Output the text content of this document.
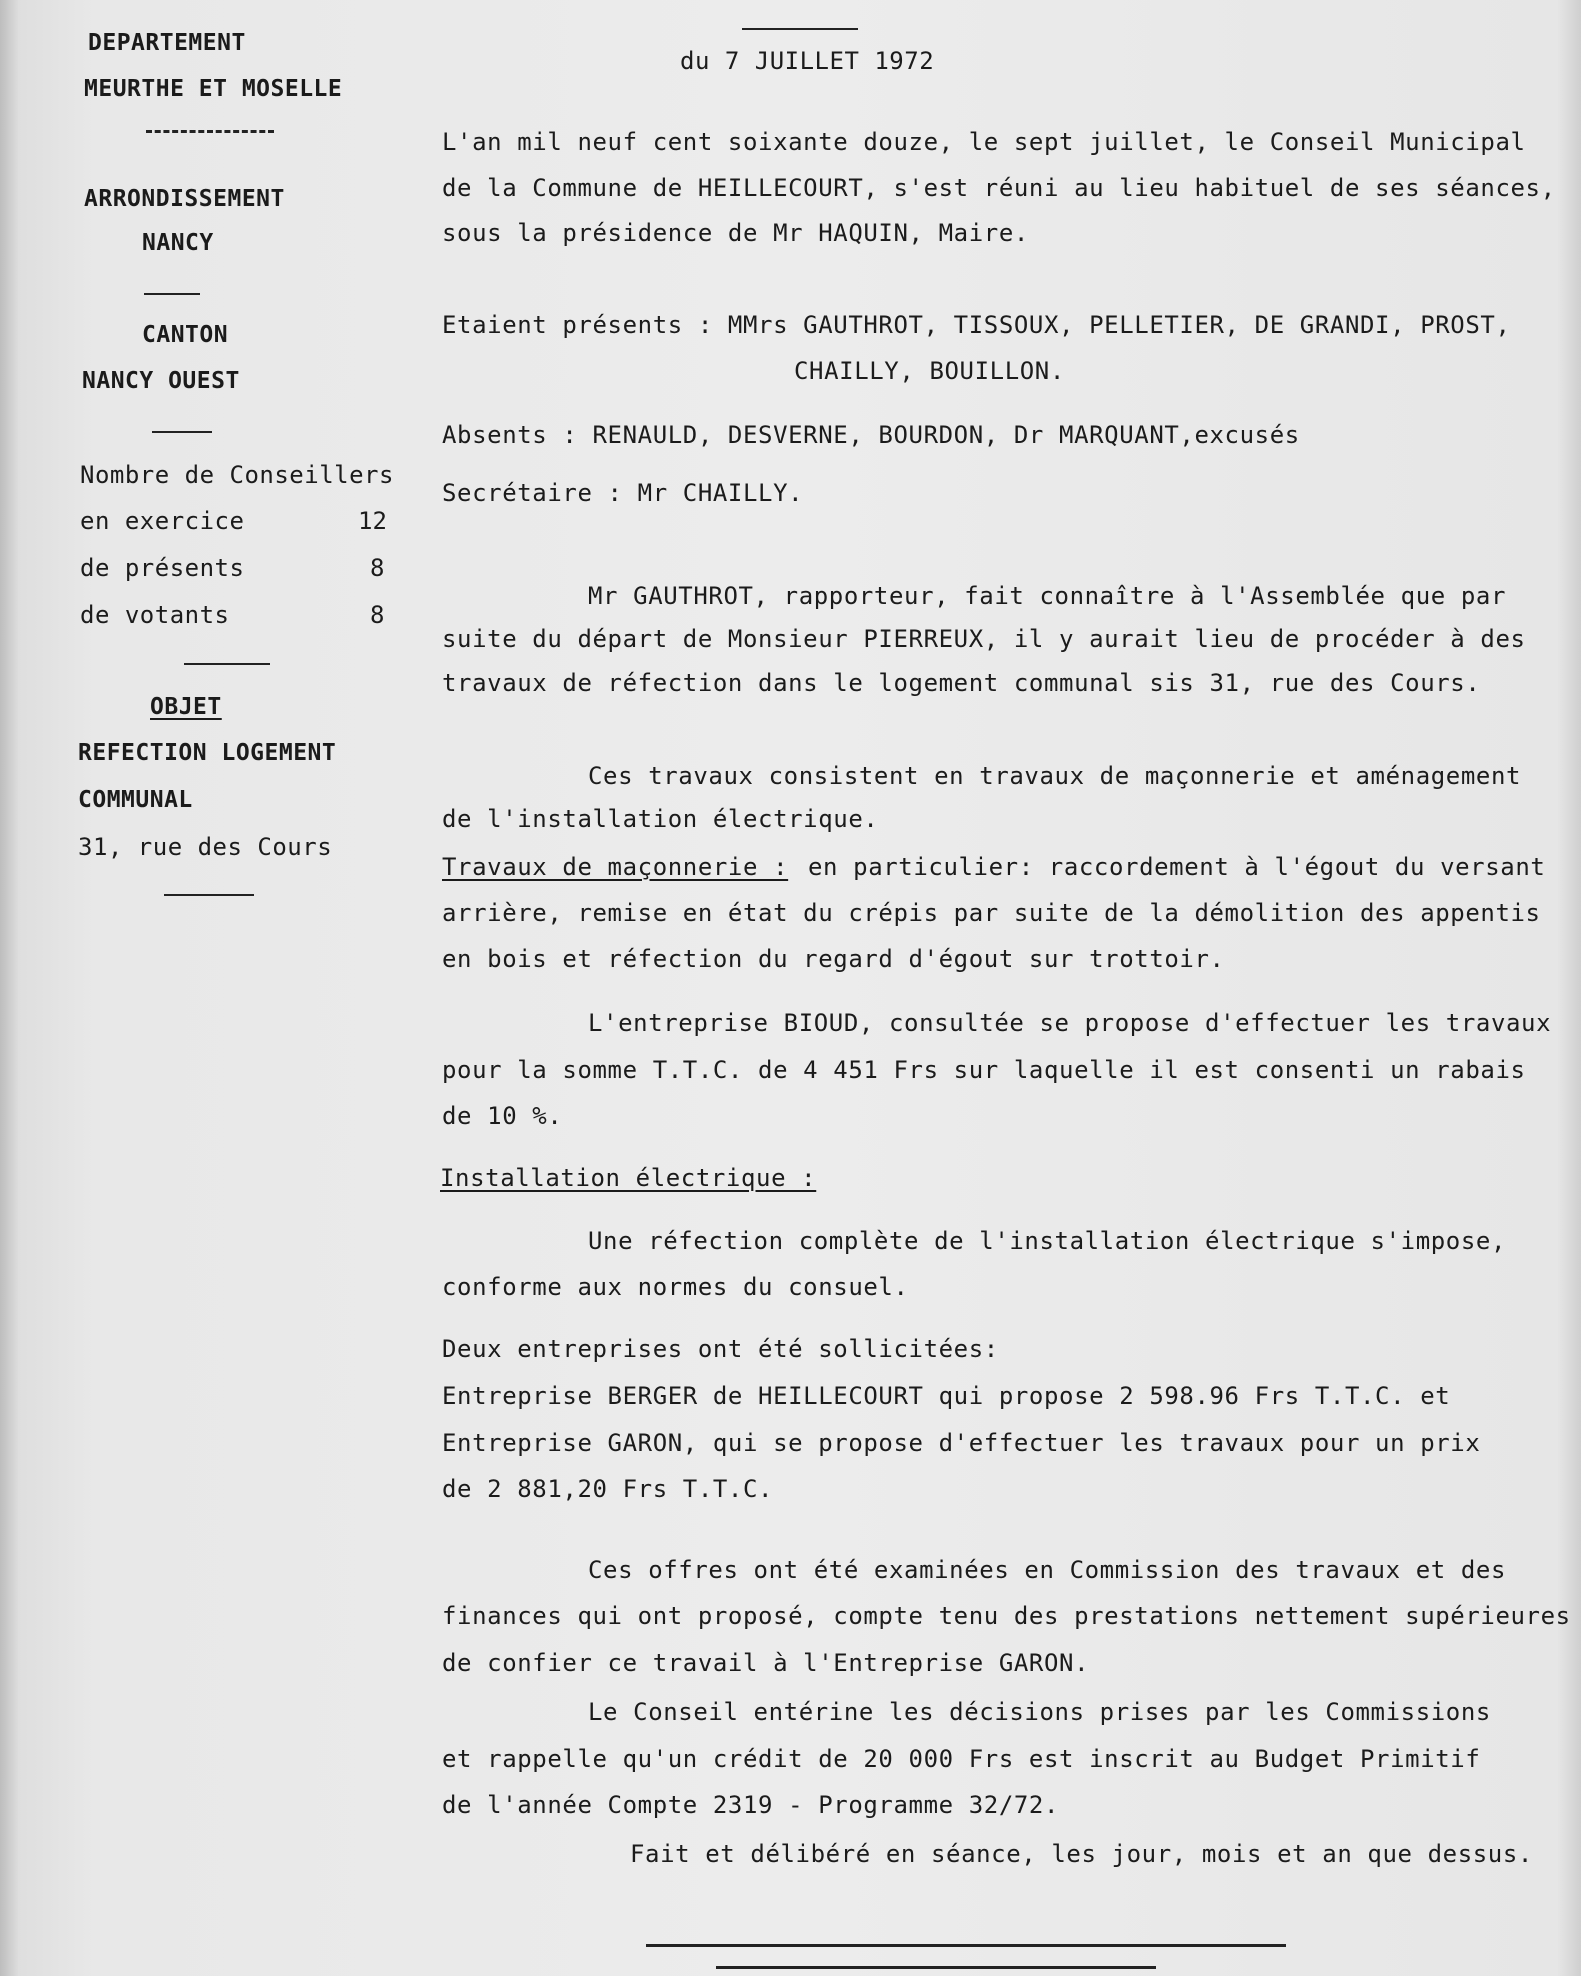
DEPARTEMENT
MEURTHE ET MOSELLE
ARRONDISSEMENT
NANCY
CANTON
NANCY OUEST
Nombre de Conseillers
en exercice	12
de présents	8
de votants	8
OBJET
REFECTION LOGEMENT
COMMUNAL
31, rue des Cours
du 7 JUILLET 1972
L'an mil neuf cent soixante douze, le sept juillet, le Conseil Municipal
de la Commune de HEILLECOURT, s'est réuni au lieu habituel de ses séances,
sous la présidence de Mr HAQUIN, Maire.
Etaient présents : MMrs GAUTHROT, TISSOUX, PELLETIER, DE GRANDI, PROST,
CHAILLY, BOUILLON.
Absents : RENAULD, DESVERNE, BOURDON, Dr MARQUANT,excusés
Secrétaire : Mr CHAILLY.
Mr GAUTHROT, rapporteur, fait connaître à l'Assemblée que par
suite du départ de Monsieur PIERREUX, il y aurait lieu de procéder à des
travaux de réfection dans le logement communal sis 31, rue des Cours.
Ces travaux consistent en travaux de maçonnerie et aménagement
de l'installation électrique.
Travaux de maçonnerie : en particulier: raccordement à l'égout du versant
arrière, remise en état du crépis par suite de la démolition des appentis
en bois et réfection du regard d'égout sur trottoir.
L'entreprise BIOUD, consultée se propose d'effectuer les travaux
pour la somme T.T.C. de 4 451 Frs sur laquelle il est consenti un rabais
de 10 %.
Installation électrique :
Une réfection complète de l'installation électrique s'impose,
conforme aux normes du consuel.
Deux entreprises ont été sollicitées:
Entreprise BERGER de HEILLECOURT qui propose 2 598.96 Frs T.T.C. et
Entreprise GARON, qui se propose d'effectuer les travaux pour un prix
de 2 881,20 Frs T.T.C.
Ces offres ont été examinées en Commission des travaux et des
finances qui ont proposé, compte tenu des prestations nettement supérieures
de confier ce travail à l'Entreprise GARON.
Le Conseil entérine les décisions prises par les Commissions
et rappelle qu'un crédit de 20 000 Frs est inscrit au Budget Primitif
de l'année Compte 2319 - Programme 32/72.
Fait et délibéré en séance, les jour, mois et an que dessus.
